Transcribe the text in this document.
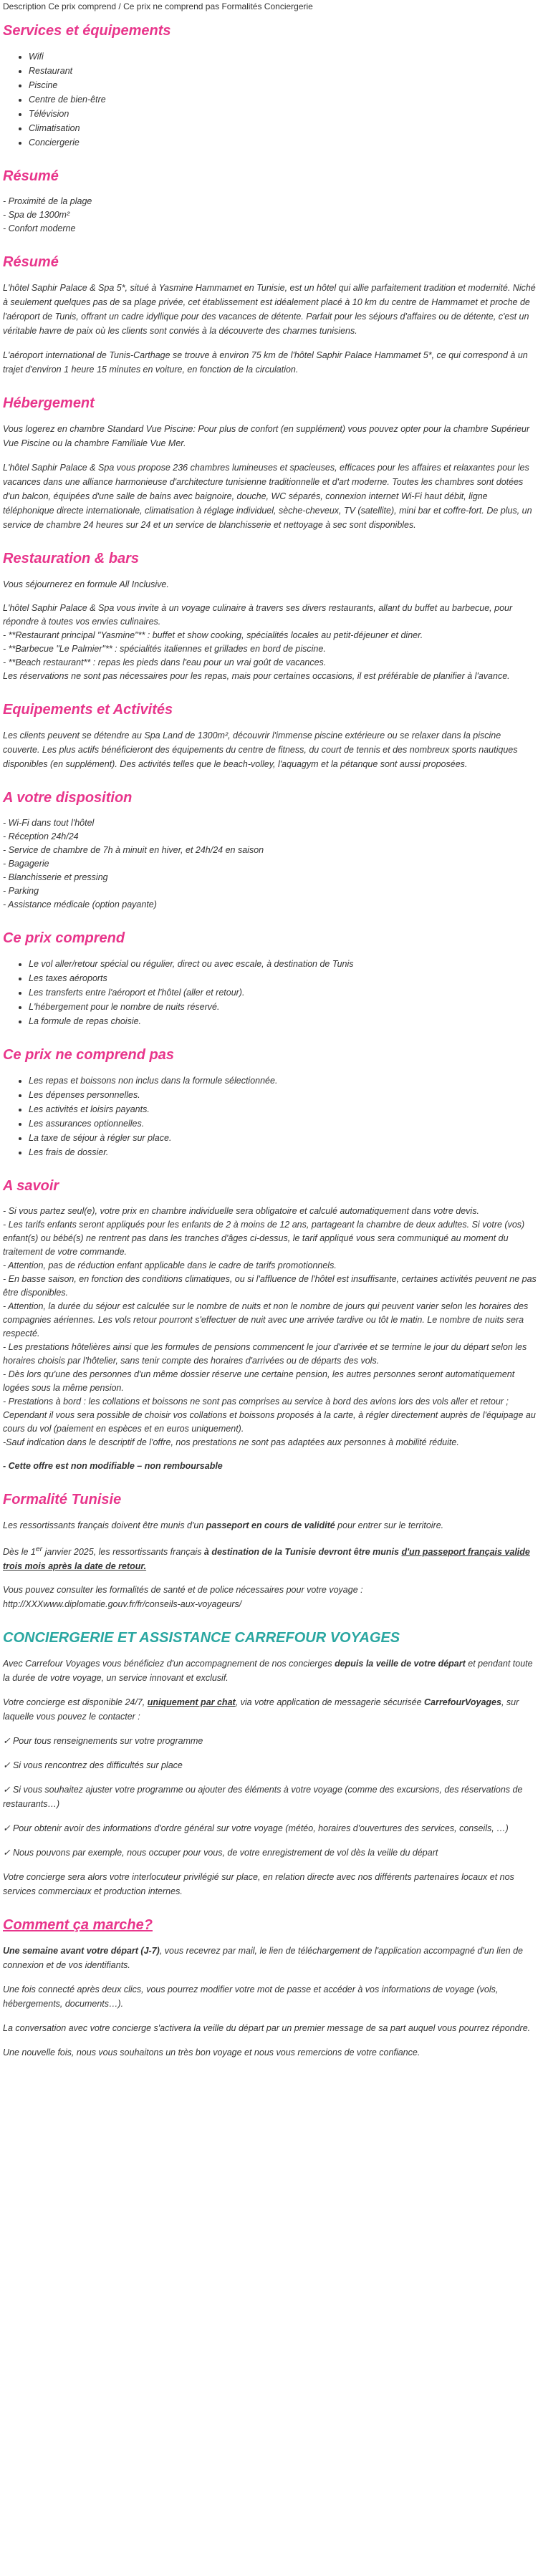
Description Ce prix comprend / Ce prix ne comprend pas Formalités Conciergerie
Services et équipements
• Wifi
• Restaurant
• Piscine
• Centre de bien-être
• Télévision
• Climatisation
• Conciergerie
Résumé

- Proximité de la plage

- Spa de 1300m²

- Confort moderne

Résumé

L'hôtel Saphir Palace & Spa 5*, situé à Yasmine Hammamet en Tunisie, est un hôtel qui allie parfaitement tradition et modernité. Niché à seulement quelques pas de sa plage privée, cet établissement est idéalement placé à 10 km du centre de Hammamet et proche de l'aéroport de Tunis, offrant un cadre idyllique pour des vacances de détente. Parfait pour les séjours d'affaires ou de détente, c'est un véritable havre de paix où les clients sont conviés à la découverte des charmes tunisiens.

L'aéroport international de Tunis-Carthage se trouve à environ 75 km de l'hôtel Saphir Palace Hammamet 5*, ce qui correspond à un trajet d'environ 1 heure 15 minutes en voiture, en fonction de la circulation.

Hébergement

Vous logerez en chambre Standard Vue Piscine: Pour plus de confort (en supplément) vous pouvez opter pour la chambre Supérieur Vue Piscine ou la chambre Familiale Vue Mer.

L'hôtel Saphir Palace & Spa vous propose 236 chambres lumineuses et spacieuses, efficaces pour les affaires et relaxantes pour les vacances dans une alliance harmonieuse d'architecture tunisienne traditionnelle et d'art moderne. Toutes les chambres sont dotées d'un balcon, équipées d'une salle de bains avec baignoire, douche, WC séparés, connexion internet Wi-Fi haut débit, ligne téléphonique directe internationale, climatisation à réglage individuel, sèche-cheveux, TV (satellite), mini bar et coffre-fort. De plus, un service de chambre 24 heures sur 24 et un service de blanchisserie et nettoyage à sec sont disponibles.

Restauration & bars

Vous séjournerez en formule All Inclusive.

L'hôtel Saphir Palace & Spa vous invite à un voyage culinaire à travers ses divers restaurants, allant du buffet au barbecue, pour répondre à toutes vos envies culinaires.

- **Restaurant principal "Yasmine"** : buffet et show cooking, spécialités locales au petit-déjeuner et diner.

- **Barbecue "Le Palmier"** : spécialités italiennes et grillades en bord de piscine.

- **Beach restaurant** : repas les pieds dans l'eau pour un vrai goût de vacances.

Les réservations ne sont pas nécessaires pour les repas, mais pour certaines occasions, il est préférable de planifier à l'avance.

Equipements et Activités

Les clients peuvent se détendre au Spa Land de 1300m², découvrir l'immense piscine extérieure ou se relaxer dans la piscine couverte. Les plus actifs bénéficieront des équipements du centre de fitness, du court de tennis et des nombreux sports nautiques disponibles (en supplément). Des activités telles que le beach-volley, l'aquagym et la pétanque sont aussi proposées.

A votre disposition

- Wi-Fi dans tout l'hôtel

- Réception 24h/24

- Service de chambre de 7h à minuit en hiver, et 24h/24 en saison

- Bagagerie

- Blanchisserie et pressing

- Parking

- Assistance médicale (option payante)

Ce prix comprend
• Le vol aller/retour spécial ou régulier, direct ou avec escale, à destination de Tunis
• Les taxes aéroports
• Les transferts entre l'aéroport et l'hôtel (aller et retour).
• L'hébergement pour le nombre de nuits réservé.
• La formule de repas choisie.
Ce prix ne comprend pas
• Les repas et boissons non inclus dans la formule sélectionnée.
• Les dépenses personnelles.
• Les activités et loisirs payants.
• Les assurances optionnelles.
• La taxe de séjour à régler sur place.
• Les frais de dossier.
A savoir

- Si vous partez seul(e), votre prix en chambre individuelle sera obligatoire et calculé automatiquement dans votre devis.

- Les tarifs enfants seront appliqués pour les enfants de 2 à moins de 12 ans, partageant la chambre de deux adultes. Si votre (vos) enfant(s) ou bébé(s) ne rentrent pas dans les tranches d'âges ci-dessus, le tarif appliqué vous sera communiqué au moment du traitement de votre commande.

- Attention, pas de réduction enfant applicable dans le cadre de tarifs promotionnels.

- En basse saison, en fonction des conditions climatiques, ou si l'affluence de l'hôtel est insuffisante, certaines activités peuvent ne pas être disponibles.

- Attention, la durée du séjour est calculée sur le nombre de nuits et non le nombre de jours qui peuvent varier selon les horaires des compagnies aériennes. Les vols retour pourront s'effectuer de nuit avec une arrivée tardive ou tôt le matin. Le nombre de nuits sera respecté.

- Les prestations hôtelières ainsi que les formules de pensions commencent le jour d'arrivée et se termine le jour du départ selon les horaires choisis par l'hôtelier, sans tenir compte des horaires d'arrivées ou de départs des vols.

- Dès lors qu'une des personnes d'un même dossier réserve une certaine pension, les autres personnes seront automatiquement logées sous la même pension.

- Prestations à bord : les collations et boissons ne sont pas comprises au service à bord des avions lors des vols aller et retour ; Cependant il vous sera possible de choisir vos collations et boissons proposés à la carte, à régler directement auprès de l'équipage au cours du vol (paiement en espèces et en euros uniquement).

-Sauf indication dans le descriptif de l'offre, nos prestations ne sont pas adaptées aux personnes à mobilité réduite.

- Cette offre est non modifiable – non remboursable

Formalité Tunisie

Les ressortissants français doivent être munis d'un passeport en cours de validité pour entrer sur le territoire.

Dès le 1er janvier 2025, les ressortissants français à destination de la Tunisie devront être munis d'un passeport français valide trois mois après la date de retour.

Vous pouvez consulter les formalités de santé et de police nécessaires pour votre voyage :

http://XXXwww.diplomatie.gouv.fr/fr/conseils-aux-voyageurs/

CONCIERGERIE ET ASSISTANCE CARREFOUR VOYAGES

Avec Carrefour Voyages vous bénéficiez d'un accompagnement de nos concierges depuis la veille de votre départ et pendant toute la durée de votre voyage, un service innovant et exclusif.

Votre concierge est disponible 24/7, uniquement par chat, via votre application de messagerie sécurisée CarrefourVoyages, sur laquelle vous pouvez le contacter :

✓ Pour tous renseignements sur votre programme

✓ Si vous rencontrez des difficultés sur place

✓ Si vous souhaitez ajuster votre programme ou ajouter des éléments à votre voyage (comme des excursions, des réservations de restaurants…)

✓ Pour obtenir avoir des informations d'ordre général sur votre voyage (météo, horaires d'ouvertures des services, conseils, …)

✓ Nous pouvons par exemple, nous occuper pour vous, de votre enregistrement de vol dès la veille du départ

Votre concierge sera alors votre interlocuteur privilégié sur place, en relation directe avec nos différents partenaires locaux et nos services commerciaux et production internes.

Comment ça marche?

Une semaine avant votre départ (J-7), vous recevrez par mail, le lien de téléchargement de l'application accompagné d'un lien de connexion et de vos identifiants.

Une fois connecté après deux clics, vous pourrez modifier votre mot de passe et accéder à vos informations de voyage (vols, hébergements, documents…).

La conversation avec votre concierge s'activera la veille du départ par un premier message de sa part auquel vous pourrez répondre.

Une nouvelle fois, nous vous souhaitons un très bon voyage et nous vous remercions de votre confiance.
